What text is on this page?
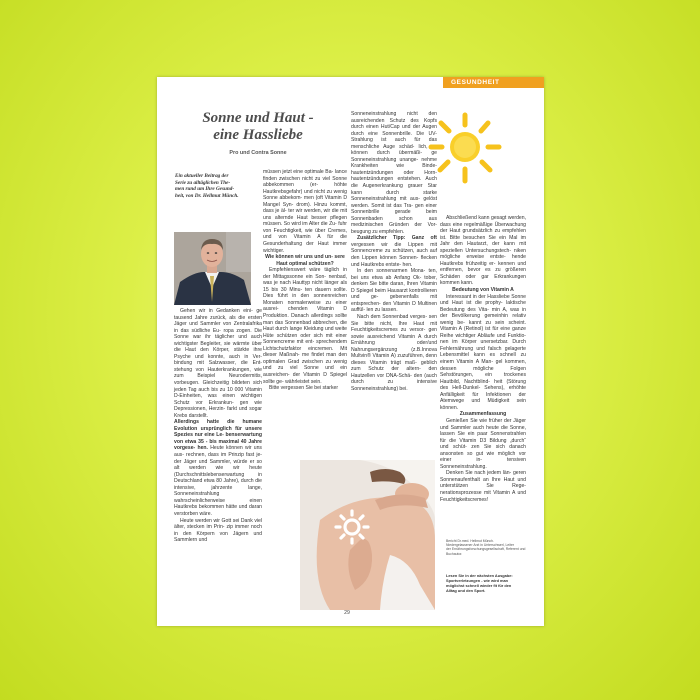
GESUNDHEIT
Sonne und Haut -
eine Hassliebe
Pro und Contra Sonne
Ein aktueller Beitrag der
Serie zu alltäglichen The-
men rund um Ihre Gesund-
heit, von Dr. Hellmut Münch.

Gehen wir in Gedanken eini- ge tausend Jahre zurück, als die ersten Jäger und Sammler von Zentralafrika in das südliche Eu- ropa zogen. Die Sonne war ihr täglicher und auch wichtigster Begleiter, sie wärmte über die Haut den Körper, stärkte ihre Psyche und konnte, auch in Ver- bindung mit Salzwasser, die Ent- stehung von Hauterkrankungen, wie zum Beispiel Neurodermitis, vorbeugen. Gleichzeitig bildeten sich jeden Tag auch bis zu 10 000 Vitamin D-Einheiten, was einen wichtigen Schutz vor Erkrankun- gen wie Depressionen, Herzin- farkt und sogar Krebs darstellt.

Allerdings hatte die humane Evolution ursprünglich für unsere Spezies nur eine Le- benserwartung von etwa 35 - bis maximal 40 Jahre vorgese- hen. Heute können wir uns aus- rechnen, dass im Prinzip fast je- der Jäger und Sammler, würde er so alt werden wie wir heute (Durchschnittslebenserwartung	in Deutschland etwa 80 Jahre), durch die intensive, jahrzente	lange, Sonneneinstrahlung wahrscheinlicherweise einen Hautkrebs bekommen hätte und daran verstorben wäre.

Heute werden wir Gott sei Dank viel älter, stecken im Prin- zip immer noch in den Körpern von Jägern und Sammlern und

müssen jetzt eine optimale Ba- lance finden zwischen nicht zu viel Sonne abbekommen (er-	höhte Hautkrebsgefahr) und nicht zu wenig Sonne abbekom- men (oft Vitamin D Mangel Syn- drom). Hinzu kommt, dass je äl- ter wir werden, wir die mit uns alternde Haut besser pflegen müssen. So wird im Alter die Zu- fuhr von Feuchtigkeit, wie über Cremes, und von Vitamin A für die Gesunderhaltung der Haut immer wichtiger.

Wie können wir uns und un- sere Haut optimal schützen?

Empfehlenswert wäre täglich in der Mittagssonne ein Son- nenbad, was je nach Hauttyp nicht länger als 15 bis 30 Minu- ten dauern sollte. Dies führt in den sonnenreichen Monaten normalerweise zu einer ausrei- chenden Vitamin D Produktion. Danach allerdings sollte man das Sonnenbad abbrechen, die Haut durch lange Kleidung und weite Hüte schützen oder sich mit einer Sonnencreme mit ent- sprechendem Lichtschutzfaktor eincremen. Mit dieser Maßnah- me findet man den optimalen Grad zwischen zu wenig und zu viel Sonne und ein ausreichen- der Vitamin D Spiegel sollte ge- währleistet sein.

Bitte vergessen Sie bei starker

Sonneneinstrahlung nicht den ausreichenden Schutz des Kopfs durch einen Hut/Cap und der Augen durch eine Sonnenbrille. Die UV-Strahlung ist auch für das menschliche Auge schäd- lich, so können durch übermäßi- ge Sonneneinstrahlung unange- nehme Krankheiten wie Binde- hautentzündungen oder Horn- hautentzündungen entstehen. Auch die Augenerkrankung grauer Star kann durch starke Sonneneinstrahlung mit aus- gelöst werden. Somit ist das Tra- gen einer Sonnenbrille gerade	beim Sonnenbaden schon aus medizinischen Gründen der Vor- beugung zu empfehlen.

Zusätzlicher Tipp: Ganz oft vergessen wir die Lippen mit Sonnencreme zu schützen, auch auf den Lippen können Sonnen- flecken und Hautkrebs entste- hen.

In den sonnenarmen Mona- ten, bei uns etwa ab Anfang Ok- tober, denken Sie bitte daran, Ihren Vitamin D Spiegel beim Hausarzt kontrollieren und ge- gebenenfalls mit entsprechen- den Vitamin D Multinen auffül- len zu lassen.

Nach dem Sonnenbad verges- sen Sie bitte nicht, Ihre Haut mit Feuchtigkeitscremes zu versor- gen sowie ausreichend Vitamin A durch Ernährung oder/und Nahrungsergänzung (z.B.Innova Multvin® Vitamin A) zuzuführen, denn dieses Vitamin trägt maß- geblich zum Schutz der altern- den Hautzellen vor DNA-Schä- den (auch durch zu intensive Sonneneinstrahlung) bei.

Abschließend kann gesagt werden, dass eine regelmäßige Überwachung der Haut grundsätzlich zu empfehlen ist. Bitte besuchen Sie ein Mal im Jahr den Hautarzt, der kann mit speziellen Untersuchungstech- niken mögliche erweise entste- hende Hautkrebs frühzeitig er- kennen und entfernen, bevor es zu größeren Schäden oder gar Erkrankungen kommen kann.

Bedeutung von Vitamin A

Interessant in der Hassliebe Sonne und Haut ist die prophy- laktische Bedeutung des Vita- min A, was in der Bevölkerung gemeinhin relativ wenig be- kannt zu sein scheint. Vitamin A (Retinol) ist für eine ganze Reihe wichtiger Abläufe und Funktio- nen im Körper unersetzbar. Durch Fehlernährung und falsch gelagerte Lebensmittel kann es schnell zu einem Vitamin A Man- gel kommen, dessen mögliche	Folgen Sehstörungen, ein trockenes Hautbild, Nachtblind- heit (Störung des Hell-Dunkel- Sehens), erhöhte Anfälligkeit für Infektionen der Atemwege und Müdigkeit sein können.

Zusammenfassung

Genießen Sie wie früher der Jäger und Sammler auch heute die Sonne, lassen Sie ein paar Sonnenstrahlen für die Vitamin D3 Bildung „durch“ und schüt- zen Sie sich danach ansonsten so gut wie möglich vor einer in-	tensiven Sonneneinstrahlung.

Denken Sie nach jedem län- geren Sonnenaufenthalt an Ihre Haut und unterstützen Sie Rege- nerationsprozesse mit Vitamin A und Feuchtigkeitscremes!

Bericht Dr.med. Hellmut Münch.
Niedergelassener Arzt in Unterschwerl, Leiter
der Ernährungsforschungsgesellschaft, Referent und
Buchautor.
Lesen Sie in der nächsten Ausgabe:
Sportverletzungen - wie wird man
möglichst schnell wieder fit für den
Alltag und den Sport.
29
